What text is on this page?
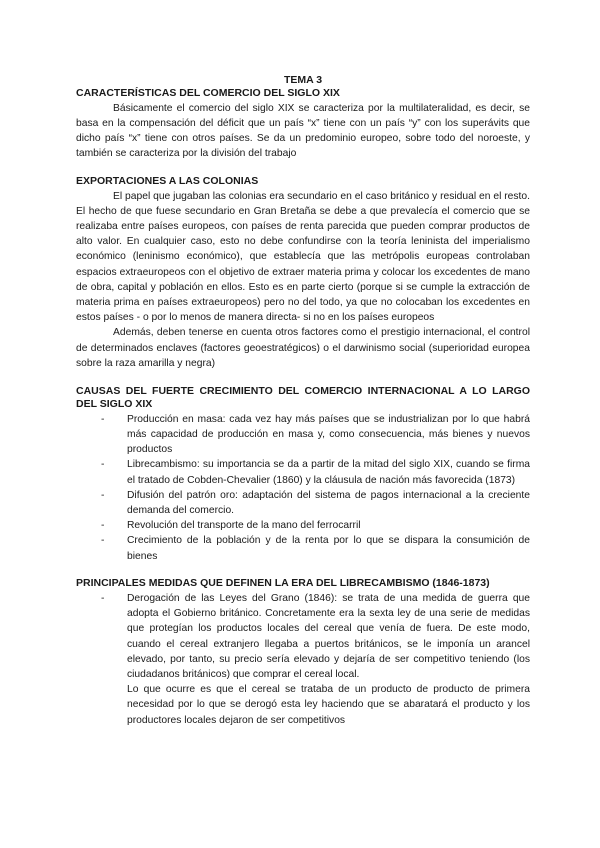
TEMA 3
CARACTERÍSTICAS DEL COMERCIO DEL SIGLO XIX

Básicamente el comercio del siglo XIX se caracteriza por la multilateralidad, es decir, se basa en la compensación del déficit que un país “x” tiene con un país “y” con los superávits que dicho país “x” tiene con otros países. Se da un predominio europeo, sobre todo del noroeste, y también se caracteriza por la división del trabajo

EXPORTACIONES A LAS COLONIAS

El papel que jugaban las colonias era secundario en el caso británico y residual en el resto. El hecho de que fuese secundario en Gran Bretaña se debe a que prevalecía el comercio que se realizaba entre países europeos, con países de renta parecida que pueden comprar productos de alto valor. En cualquier caso, esto no debe confundirse con la teoría leninista del imperialismo económico (leninismo económico), que establecía que las metrópolis europeas controlaban espacios extraeuropeos con el objetivo de extraer materia prima y colocar los excedentes de mano de obra, capital y población en ellos. Esto es en parte cierto (porque si se cumple la extracción de materia prima en países extraeuropeos) pero no del todo, ya que no colocaban los excedentes en estos países - o por lo menos de manera directa- si no en los países europeos

Además, deben tenerse en cuenta otros factores como el prestigio internacional, el control de determinados enclaves (factores geoestratégicos) o el darwinismo social (superioridad europea sobre la raza amarilla y negra)

CAUSAS DEL FUERTE CRECIMIENTO DEL COMERCIO INTERNACIONAL A LO LARGO DEL SIGLO XIX
- Producción en masa: cada vez hay más países que se industrializan por lo que habrá más capacidad de producción en masa y, como consecuencia, más bienes y nuevos productos
- Librecambismo: su importancia se da a partir de la mitad del siglo XIX, cuando se firma el tratado de Cobden-Chevalier (1860) y la cláusula de nación más favorecida (1873)
- Difusión del patrón oro: adaptación del sistema de pagos internacional a la creciente demanda del comercio.
- Revolución del transporte de la mano del ferrocarril
- Crecimiento de la población y de la renta por lo que se dispara la consumición de bienes
PRINCIPALES MEDIDAS QUE DEFINEN LA ERA DEL LIBRECAMBISMO (1846-1873)
- Derogación de las Leyes del Grano (1846): se trata de una medida de guerra que adopta el Gobierno británico. Concretamente era la sexta ley de una serie de medidas que protegían los productos locales del cereal que venía de fuera. De este modo, cuando el cereal extranjero llegaba a puertos británicos, se le imponía un arancel elevado, por tanto, su precio sería elevado y dejaría de ser competitivo teniendo (los ciudadanos británicos) que comprar el cereal local.
Lo que ocurre es que el cereal se trataba de un producto de producto de primera necesidad por lo que se derogó esta ley haciendo que se abaratará el producto y los productores locales dejaron de ser competitivos
